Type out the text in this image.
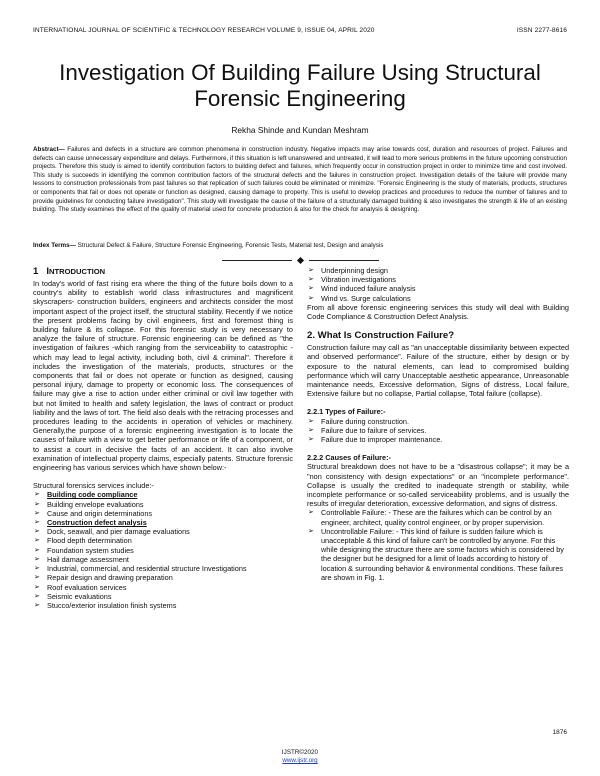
INTERNATIONAL JOURNAL OF SCIENTIFIC & TECHNOLOGY RESEARCH VOLUME 9, ISSUE 04, APRIL 2020	ISSN 2277-8616
Investigation Of Building Failure Using Structural
Forensic Engineering
Rekha Shinde and Kundan Meshram
Abstract— Failures and defects in a structure are common phenomena in construction industry. Negative impacts may arise towards cost, duration and resources of project. Failures and defects can cause unnecessary expenditure and delays. Furthermore, if this situation is left unanswered and untreated, it will lead to more serious problems in the future upcoming construction projects. Therefore this study is aimed to identify contribution factors to building defect and failures, which frequently occur in construction project in order to minimize time and cost involved. This study is succeeds in identifying the common contribution factors of the structural defects and the failures in construction project. Investigation details of the failure will provide many lessons to construction professionals from past failures so that replication of such failures could be eliminated or minimize. "Forensic Engineering is the study of materials, products, structures or components that fail or does not operate or function as designed, causing damage to property. This is useful to develop practices and procedures to reduce the number of failures and to provide guidelines for conducting failure investigation". This study will investigate the cause of the failure of a structurally damaged building & also investigates the strength & life of an existing building. The study examines the effect of the quality of material used for concrete production & also for the check for analysis & designing.
Index Terms— Structural Defect & Failure, Structure Forensic Engineering, Forensic Tests, Material test, Design and analysis
1 INTRODUCTION

In today's world of fast rising era where the thing of the future boils down to a country's ability to establish world class infrastructures and magnificent skyscrapers- construction builders, engineers and architects consider the most important aspect of the project itself, the structural stability. Recently if we notice the present problems facing by civil engineers, first and foremost thing is building failure & its collapse. For this forensic study is very necessary to analyze the failure of structure. Forensic engineering can be defined as "the investigation of failures -which ranging from the serviceability to catastrophic - which may lead to legal activity, including both, civil & criminal". Therefore it includes the investigation of the materials, products, structures or the components that fail or does not operate or function as designed, causing personal injury, damage to property or economic loss. The consequences of failure may give a rise to action under either criminal or civil law together with but not limited to health and safety legislation, the laws of contract or product liability and the laws of tort. The field also deals with the retracing processes and procedures leading to the accidents in operation of vehicles or machinery. Generally,the purpose of a forensic engineering investigation is to locate the causes of failure with a view to get better performance or life of a component, or to assist a court in decisive the facts of an accident. It can also involve examination of intellectual property claims, especially patents. Structure forensic engineering has various services which have shown below:-

Structural forensics services include:-

➢ Building code compliance
➢ Building envelope evaluations
➢ Cause and origin determinations
➢ Construction defect analysis
➢ Dock, seawall, and pier damage evaluations
➢ Flood depth determination
➢ Foundation system studies
➢ Hail damage assessment
➢ Industrial, commercial, and residential structure Investigations
➢ Repair design and drawing preparation
➢ Roof evaluation services
➢ Seismic evaluations
➢ Stucco/exterior insulation finish systems
➢ Underpinning design
➢ Vibration investigations
➢ Wind induced failure analysis
➢ Wind vs. Surge calculations

From all above forensic engineering services this study will deal with Building Code Compliance & Construction Defect Analysis.

2. What Is Construction Failure?

Construction failure may call as "an unacceptable dissimilarity between expected and observed performance". Failure of the structure, either by design or by exposure to the natural elements, can lead to compromised building performance which will carry Unacceptable aesthetic appearance, Unreasonable maintenance needs, Excessive deformation, Signs of distress, Local failure, Extensive failure but no collapse, Partial collapse, Total failure (collapse).

2.2.1 Types of Failure:-
➢ Failure during construction.
➢ Failure due to failure of services.
➢ Failure due to improper maintenance.
2.2.2 Causes of Failure:-

Structural breakdown does not have to be a "disastrous collapse"; it may be a "non consistency with design expectations" or an "incomplete performance". Collapse is usually the credited to inadequate strength or stability, while incomplete performance or so-called serviceability problems, and is usually the results of irregular deterioration, excessive deformation, and signs of distress.

➢ Controllable Failure: - These are the failures which can be control by an engineer, architect, quality control engineer, or by proper supervision.
➢ Uncontrollable Failure: - This kind of failure is sudden failure which is unacceptable & this kind of failure can't be controlled by anyone. For this while designing the structure there are some factors which is considered by the designer but he designed for a limit of loads according to history of location & surrounding behavior & environmental conditions. These failures are shown in Fig. 1.
1876
IJSTR©2020
www.ijstr.org
